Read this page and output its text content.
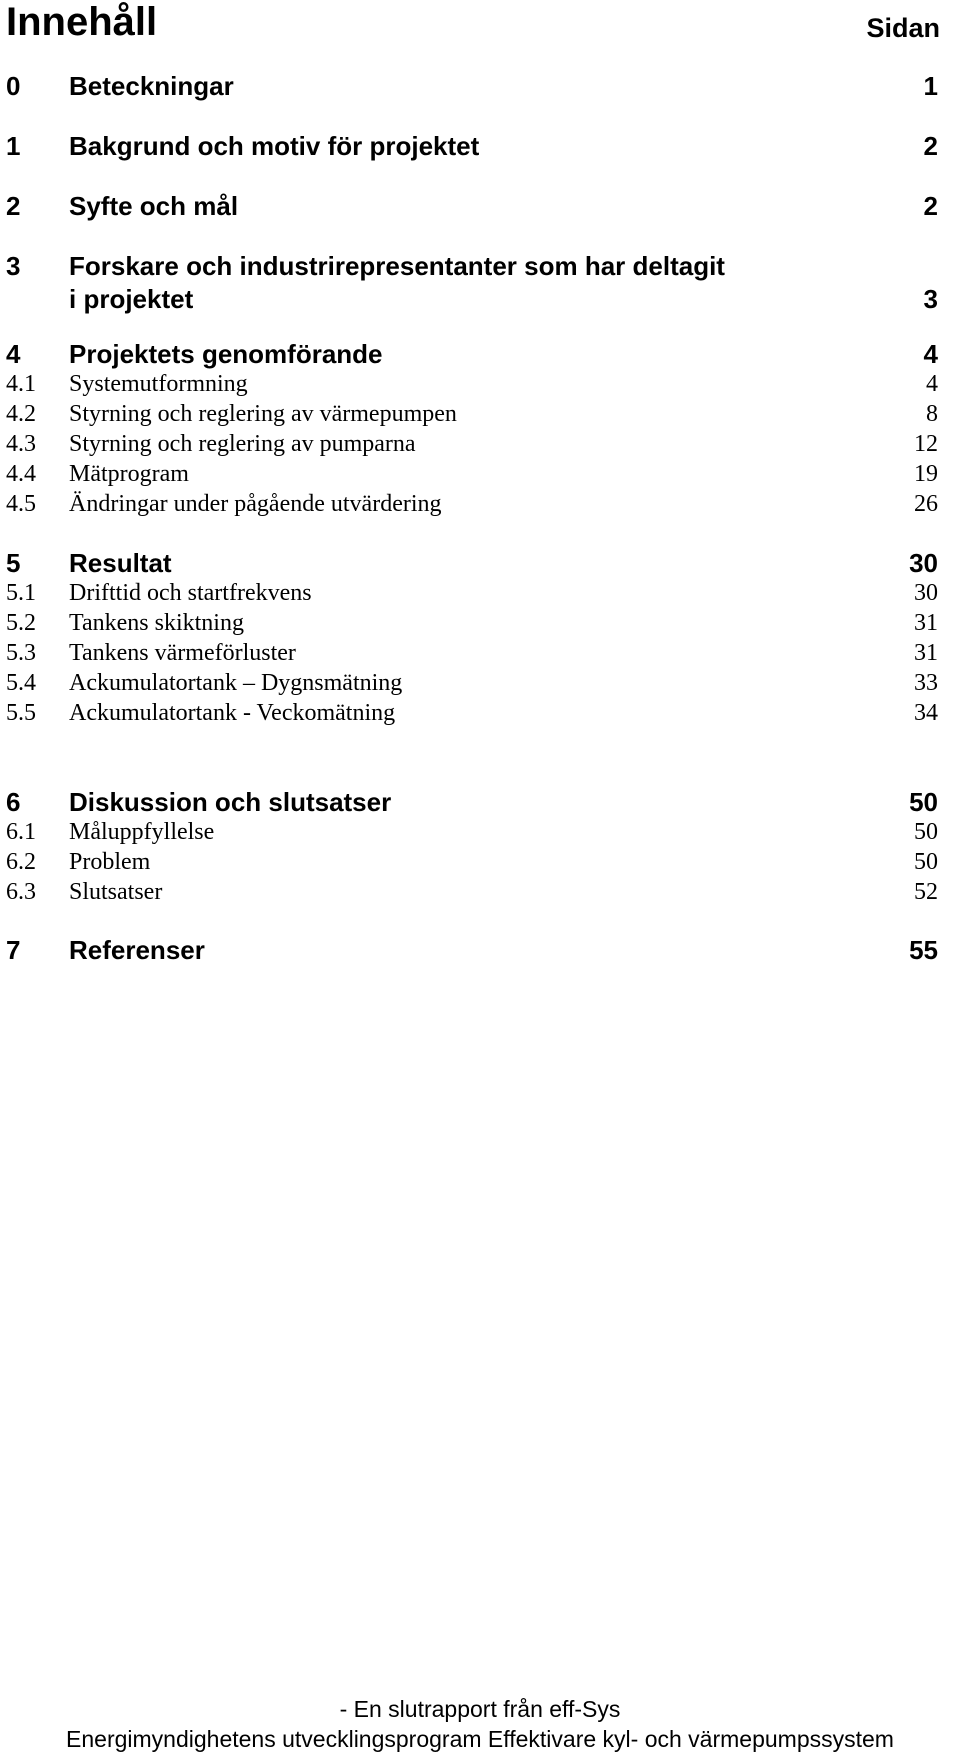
Innehåll	Sidan
0 Beteckningar	1
1 Bakgrund och motiv för projektet	2
2 Syfte och mål	2
3 Forskare och industrirepresentanter som har deltagit
i projektet	3
4 Projektets genomförande	4
4.1 Systemutformning	4
4.2 Styrning och reglering av värmepumpen	8
4.3 Styrning och reglering av pumparna	12
4.4 Mätprogram	19
4.5 Ändringar under pågående utvärdering	26
5 Resultat	30
5.1 Drifttid och startfrekvens	30
5.2 Tankens skiktning	31
5.3 Tankens värmeförluster	31
5.4 Ackumulatortank – Dygnsmätning	33
5.5 Ackumulatortank - Veckomätning	34
6 Diskussion och slutsatser	50
6.1 Måluppfyllelse	50
6.2 Problem	50
6.3 Slutsatser	52
7 Referenser	55
- En slutrapport från eff-Sys
Energimyndighetens utvecklingsprogram Effektivare kyl- och värmepumpssystem
